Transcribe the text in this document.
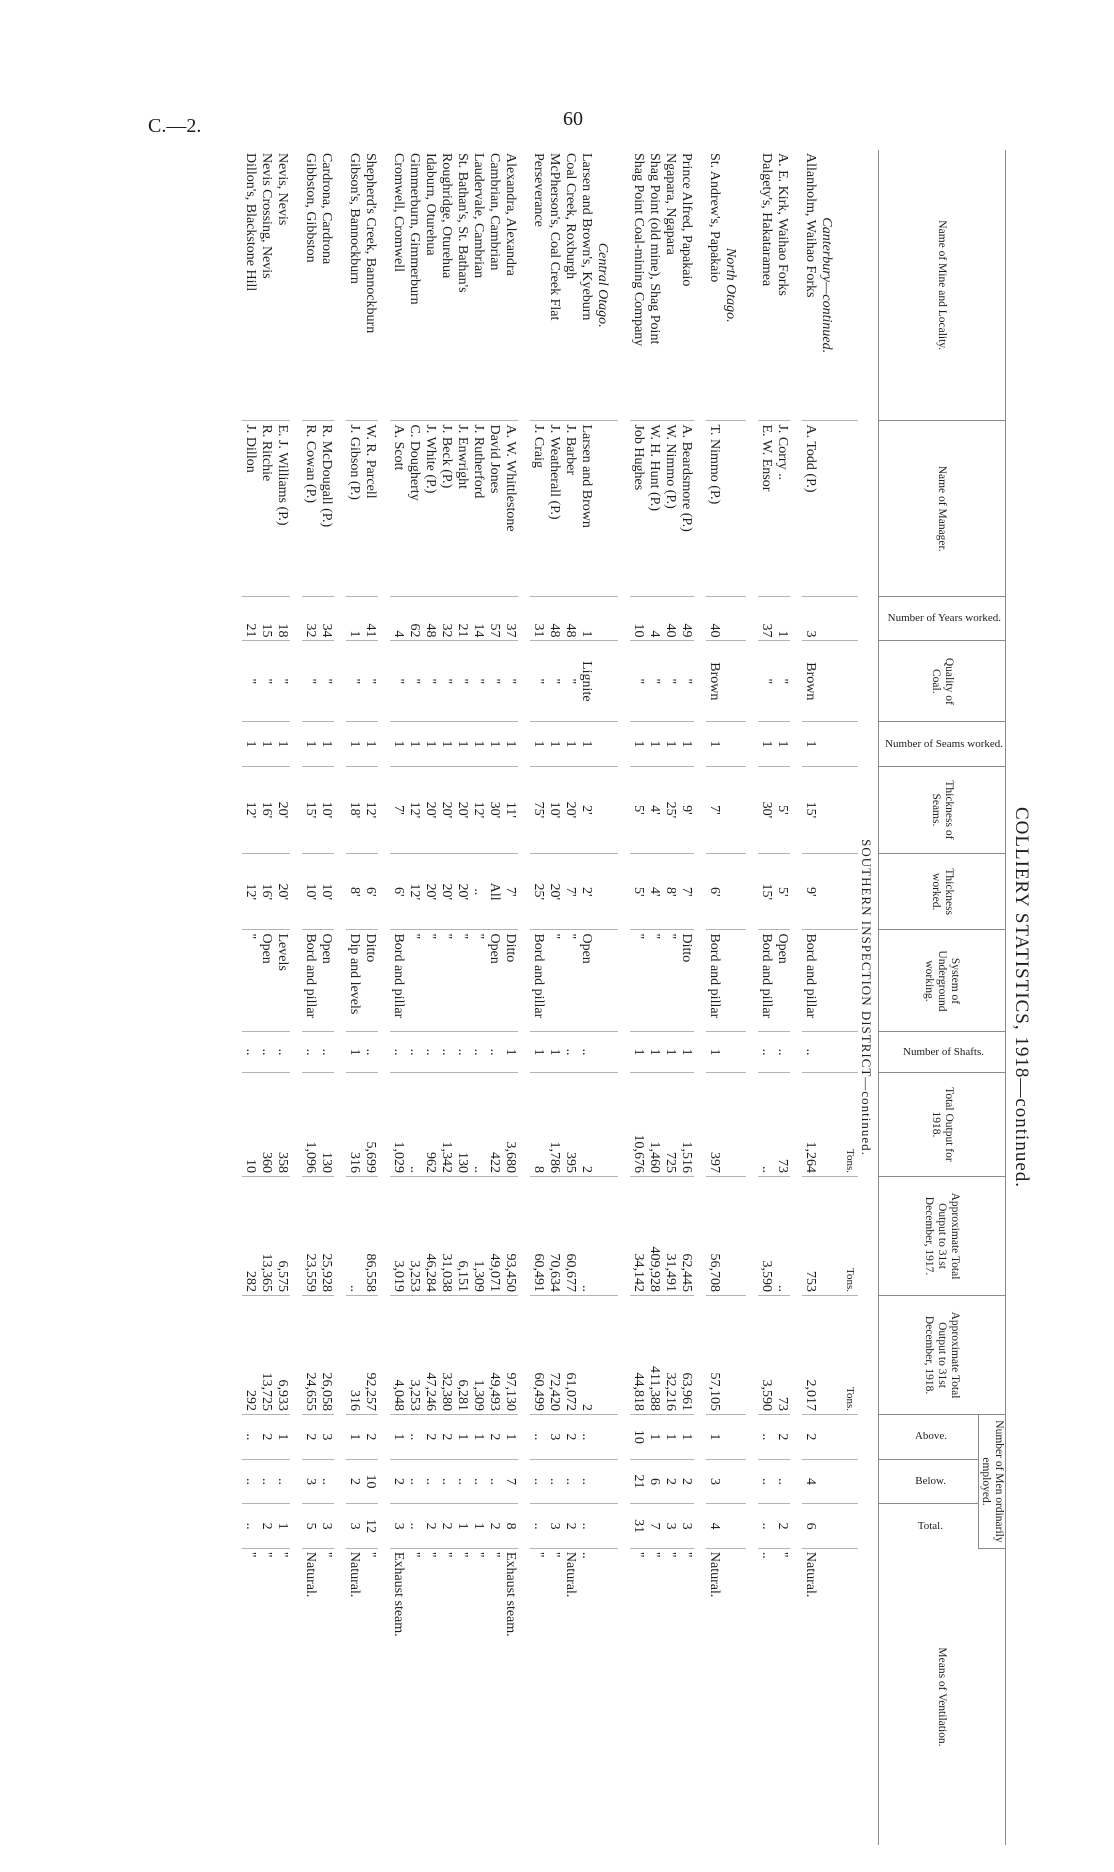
C.—2.	60
COLLIERY STATISTICS, 1918—continued.
Name of Mine and Locality.	Name of Manager.	Number of Years worked.	Quality of Coal.	Number of Seams worked.	Thickness of Seams.	Thickness worked.	System of Underground working.	Number of Shafts.	Total Output for 1918.	Approximate Total Output to 31st December, 1917.	Approximate Total Output to 31st December, 1918.	Number of Men ordinarily employed.			Means of Ventilation.
												Above.	Below.	Total.	
SOUTHERN INSPECTION DISTRICT—continued.															
									Tons.	Tons.	Tons.				
Canterbury—continued.															
Allanholm, Waihao Forks	A. Todd (P.)	3	Brown	1	15'	9'	Bord and pillar	..	1,264	753	2,017	2	4	6	Natural.

A. E. Kirk, Waihao Forks	J. Corry ..	1	"	1	5'	5'	Open	..	73	..	73	2	..	2	"
Dalgety's, Hakataramea	E. W. Ensor	37	"	1	30'	15'	Bord and pillar	..	..	3,590	3,590	..	..	..	..

North Otago.															
St. Andrew's, Papakaio	T. Nimmo (P.)	40	Brown	1	7'	6'	Bord and pillar	1	397	56,708	57,105	1	3	4	Natural.

Prince Alfred, Papakaio	A. Beardsmore (P.)	49	"	1	9'	7'	Ditto	1	1,516	62,445	63,961	1	2	3	"
Ngapara, Ngapara	W. Nimmo (P.)	40	"	1	25'	8'	"	1	725	31,491	32,216	1	2	3	"
Shag Point (old mine), Shag Point	W. H. Hunt (P.)	4	"	1	4'	4'	"	1	1,460	409,928	411,388	1	6	7	"
Shag Point Coal-mining Company	Job Hughes	10	"	1	5'	5'	"	1	10,676	34,142	44,818	10	21	31	"

Central Otago.															
Larsen and Brown's, Kyeburn	Larsen and Brown	1	Lignite	1	2'	2'	Open	..	2	..	2	..	..	..	..
Coal Creek, Roxburgh	J. Barber	48	"	1	20'	7'	"	..	395	60,677	61,072	2	..	2	Natural.
McPherson's, Coal Creek Flat	J. Weatherall (P.)	48	"	1	10'	20'	"	1	1,786	70,634	72,420	3	..	3	"
Perseverance	J. Craig	31	"	1	75'	25'	Bord and pillar	1	8	60,491	60,499	..	..	..	"

Alexandra, Alexandra	A. W. Whittlestone	37	"	1	11'	7'	Ditto	1	3,680	93,450	97,130	1	7	8	Exhaust steam.
Cambrian, Cambrian	David Jones	57	"	1	30'	All	Open	..	422	49,071	49,493	2	..	2	"
Laudervale, Cambrian	J. Rutherford	14	"	1	12'	..	"	..	..	1,309	1,309	1	..	1	"
St. Bathan's, St. Bathan's	J. Enwright	21	"	1	20'	20'	"	..	130	6,151	6,281	1	..	1	"
Roughridge, Oturehua	J. Beck (P.)	32	"	1	20'	20'	"	..	1,342	31,038	32,380	2	..	2	"
Idaburn, Oturehua	J. White (P.)	48	"	1	20'	20'	"	..	962	46,284	47,246	2	..	2	"
Gimmerburn, Gimmerburn	C. Dougherty	62	"	1	12'	12'	"	..	..	3,253	3,253	..	..	..	"
Cromwell, Cromwell	A. Scott	4	"	1	7'	6'	Bord and pillar	..	1,029	3,019	4,048	1	2	3	Exhaust steam.

Shepherd's Creek, Bannockburn	W. R. Parcell	41	"	1	12'	6'	Ditto	..	5,699	86,558	92,257	2	10	12	"
Gibson's, Bannockburn	J. Gibson (P.)	1	"	1	18'	8'	Dip and levels	1	316	..	316	1	2	3	Natural.

Cardrona, Cardrona	R. McDougall (P.)	34	"	1	10'	10'	Open	..	130	25,928	26,058	3	..	3	"
Gibbston, Gibbston	R. Cowan (P.)	32	"	1	15'	10'	Bord and pillar	..	1,096	23,559	24,655	2	3	5	Natural.

Nevis, Nevis	E. J. Williams (P.)	18	"	1	20'	20'	Levels	..	358	6,575	6,933	1	..	1	"
Nevis Crossing, Nevis	R. Ritchie	15	"	1	16'	16'	Open	..	360	13,365	13,725	2	..	2	"
Dillon's, Blackstone Hill	J. Dillon	21	"	1	12'	12'	"	..	10	282	292	..	..	..	"
